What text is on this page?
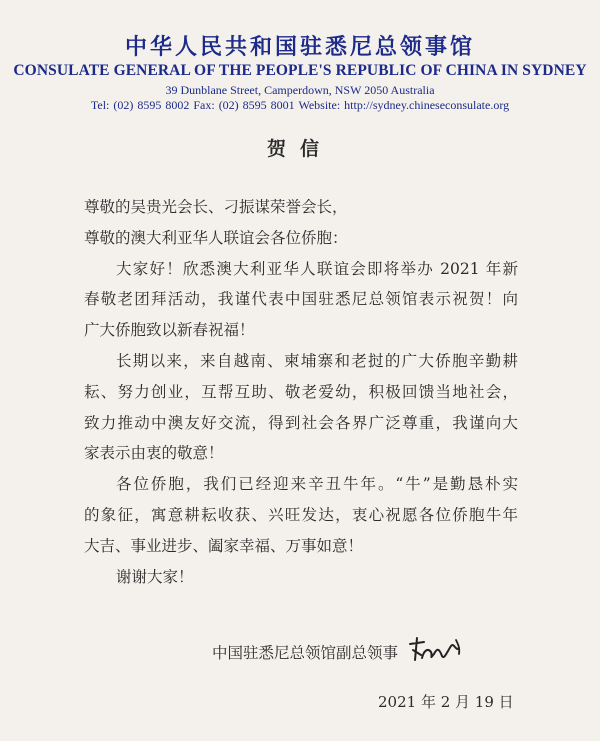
中华人民共和国驻悉尼总领事馆
CONSULATE GENERAL OF THE PEOPLE'S REPUBLIC OF CHINA IN SYDNEY
39 Dunblane Street, Camperdown, NSW 2050 Australia
Tel: (02) 8595 8002 Fax: (02) 8595 8001 Website: http://sydney.chineseconsulate.org
贺信
尊敬的吴贵光会长、刁振谋荣誉会长，
尊敬的澳大利亚华人联谊会各位侨胞：
大家好！欣悉澳大利亚华人联谊会即将举办 2021 年新
春敬老团拜活动，我谨代表中国驻悉尼总领馆表示祝贺！向
广大侨胞致以新春祝福！
长期以来，来自越南、柬埔寨和老挝的广大侨胞辛勤耕
耘、努力创业，互帮互助、敬老爱幼，积极回馈当地社会，
致力推动中澳友好交流，得到社会各界广泛尊重，我谨向大
家表示由衷的敬意！
各位侨胞，我们已经迎来辛丑牛年。“牛”是勤恳朴实
的象征，寓意耕耘收获、兴旺发达，衷心祝愿各位侨胞牛年
大吉、事业进步、阖家幸福、万事如意！
谢谢大家！
中国驻悉尼总领馆副总领事
2021 年 2 月 19 日
